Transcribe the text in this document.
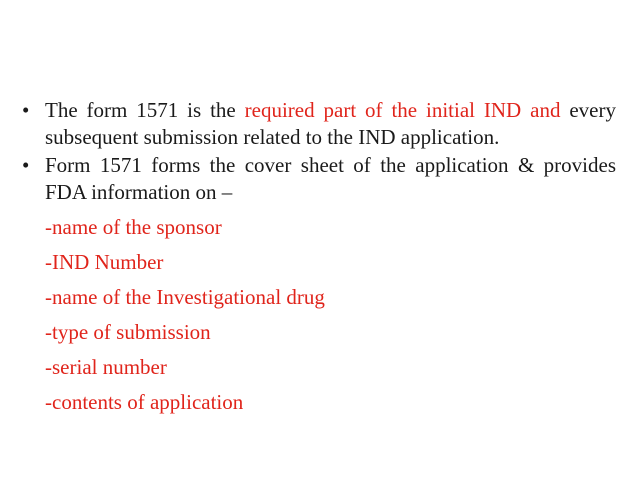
• The form 1571 is the required part of the initial IND and every subsequent submission related to the IND application.
• Form 1571 forms the cover sheet of the application & provides FDA information on –
-name of the sponsor
-IND Number
-name of the Investigational drug
-type of submission
-serial number
-contents of application
